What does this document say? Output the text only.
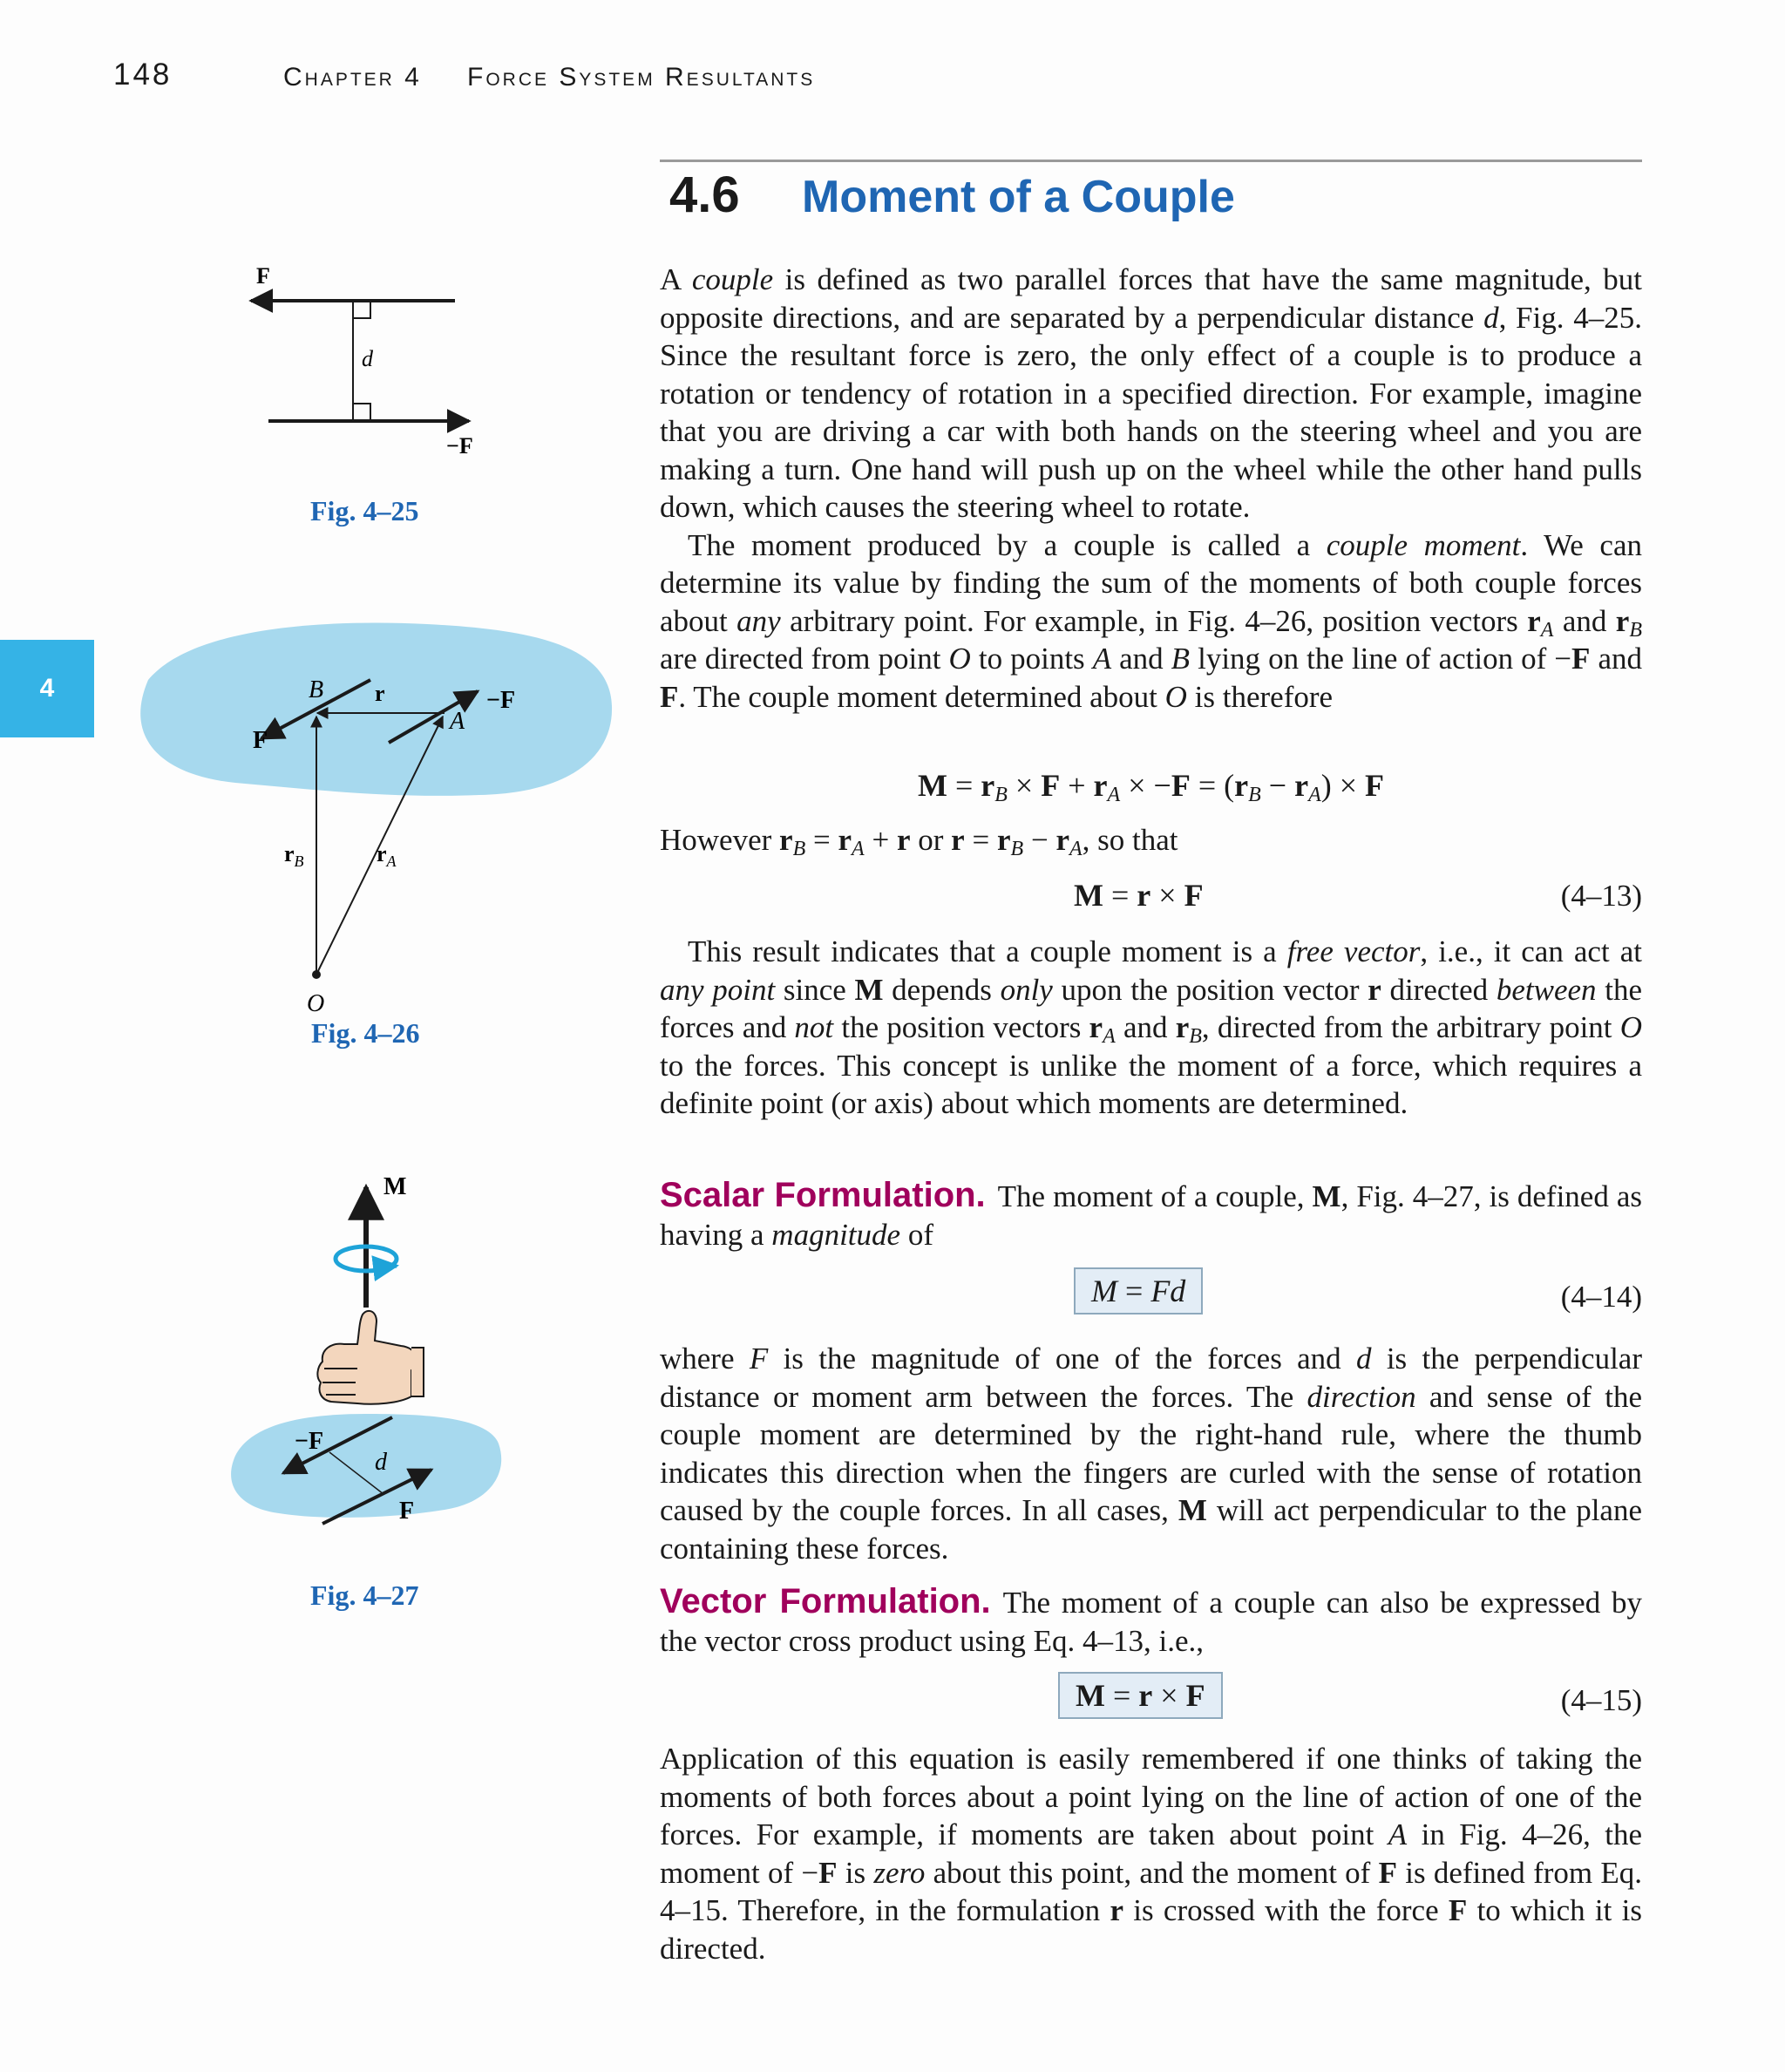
148	Chapter 4 Force System Resultants
4
4.6 Moment of a Couple
F
d
−F
Fig. 4–25
B r	−F
A
F
$r_B$	$r_A$
O
Fig. 4–26
M
−F
d
F
Fig. 4–27

A couple is defined as two parallel forces that have the same magnitude, but opposite directions, and are separated by a perpendicular distance d, Fig. 4–25. Since the resultant force is zero, the only effect of a couple is to produce a rotation or tendency of rotation in a specified direction. For example, imagine that you are driving a car with both hands on the steering wheel and you are making a turn. One hand will push up on the wheel while the other hand pulls down, which causes the steering wheel to rotate.

The moment produced by a couple is called a couple moment. We can determine its value by finding the sum of the moments of both couple forces about any arbitrary point. For example, in Fig. 4–26, position vectors $r_A$ and $r_B$ are directed from point O to points A and B lying on the line of action of −F and F. The couple moment determined about O is therefore

$M = r_B \times F + r_A \times -F = (r_B - r_A) \times F$
However $r_B = r_A + r$ or $r = r_B - r_A$, so that
M = r × F	(4–13)

This result indicates that a couple moment is a free vector, i.e., it can act at any point since M depends only upon the position vector r directed between the forces and not the position vectors $r_A$ and $r_B$, directed from the arbitrary point O to the forces. This concept is unlike the moment of a force, which requires a definite point (or axis) about which moments are determined.

Scalar Formulation. The moment of a couple, M, Fig. 4–27, is defined as having a magnitude of

M = Fd	(4–14)

where F is the magnitude of one of the forces and d is the perpendicular distance or moment arm between the forces. The direction and sense of the couple moment are determined by the right-hand rule, where the thumb indicates this direction when the fingers are curled with the sense of rotation caused by the couple forces. In all cases, M will act perpendicular to the plane containing these forces.

Vector Formulation. The moment of a couple can also be expressed by the vector cross product using Eq. 4–13, i.e.,

M = r × F	(4–15)

Application of this equation is easily remembered if one thinks of taking the moments of both forces about a point lying on the line of action of one of the forces. For example, if moments are taken about point A in Fig. 4–26, the moment of −F is zero about this point, and the moment of F is defined from Eq. 4–15. Therefore, in the formulation r is crossed with the force F to which it is directed.
